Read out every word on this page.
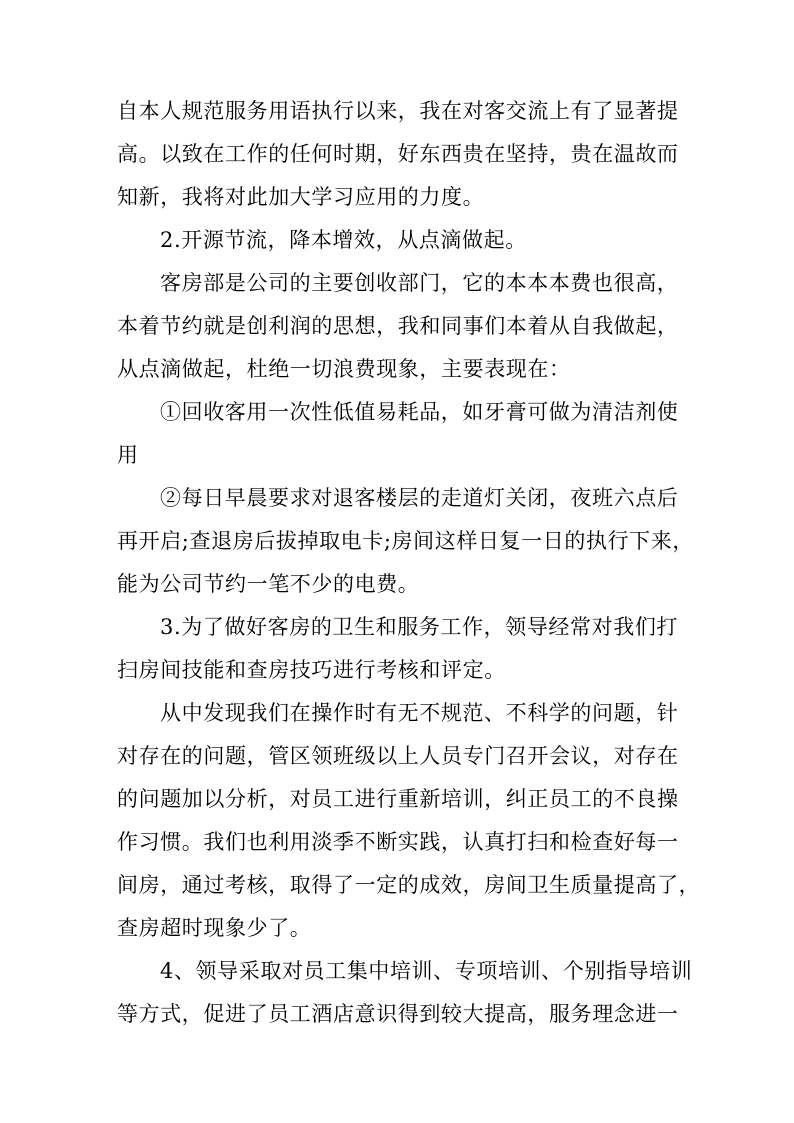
自本人规范服务用语执行以来，我在对客交流上有了显著提
高。以致在工作的任何时期，好东西贵在坚持，贵在温故而
知新，我将对此加大学习应用的力度。
2.开源节流，降本增效，从点滴做起。
客房部是公司的主要创收部门，它的本本本费也很高，
本着节约就是创利润的思想，我和同事们本着从自我做起，
从点滴做起，杜绝一切浪费现象，主要表现在：
①回收客用一次性低值易耗品，如牙膏可做为清洁剂使
用
②每日早晨要求对退客楼层的走道灯关闭，夜班六点后
再开启;查退房后拔掉取电卡;房间这样日复一日的执行下来，
能为公司节约一笔不少的电费。
3.为了做好客房的卫生和服务工作，领导经常对我们打
扫房间技能和查房技巧进行考核和评定。
从中发现我们在操作时有无不规范、不科学的问题，针
对存在的问题，管区领班级以上人员专门召开会议，对存在
的问题加以分析，对员工进行重新培训，纠正员工的不良操
作习惯。我们也利用淡季不断实践，认真打扫和检查好每一
间房，通过考核，取得了一定的成效，房间卫生质量提高了，
查房超时现象少了。
4、领导采取对员工集中培训、专项培训、个别指导培训
等方式，促进了员工酒店意识得到较大提高，服务理念进一
